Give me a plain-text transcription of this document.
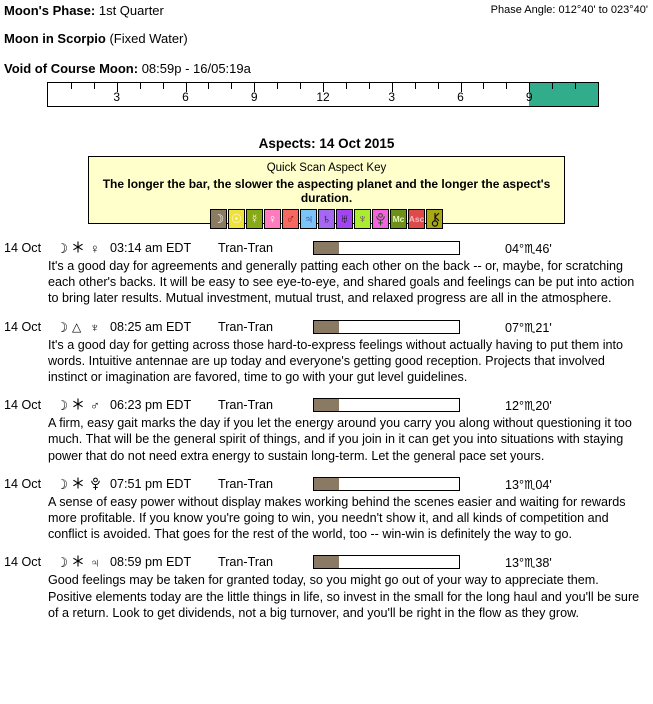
Moon's Phase: 1st Quarter	Phase Angle: 012°40' to 023°40'
Moon in Scorpio (Fixed Water)
Void of Course Moon: 08:59p - 16/05:19a
3	6	9	12	3	6	9
Aspects: 14 Oct 2015
Quick Scan Aspect Key
The longer the bar, the slower the aspecting planet and the longer the aspect's duration.
☽ ☉ ☿ ♀ ♂ ♃ ♄ ♅ ♆	Mc Asc
14 Oct ☽ ♀ 03:14 am EDT Tran-Tran	04°♏46'
It's a good day for agreements and generally patting each other on the back -- or, maybe, for scratching each other's backs. It will be easy to see eye-to-eye, and shared goals and feelings can be put into action to bring later results. Mutual investment, mutual trust, and relaxed progress are all in the atmosphere.
14 Oct ☽ △ ♆ 08:25 am EDT Tran-Tran	07°♏21'
It's a good day for getting across those hard-to-express feelings without actually having to put them into words. Intuitive antennae are up today and everyone's getting good reception. Projects that involved instinct or imagination are favored, time to go with your gut level guidelines.
14 Oct ☽ ♂ 06:23 pm EDT Tran-Tran	12°♏20'
A firm, easy gait marks the day if you let the energy around you carry you along without questioning it too much. That will be the general spirit of things, and if you join in it can get you into situations with staying power that do not need extra energy to sustain long-term. Let the general pace set yours.
14 Oct ☽	07:51 pm EDT Tran-Tran	13°♏04'
A sense of easy power without display makes working behind the scenes easier and waiting for rewards more profitable. If you know you're going to win, you needn't show it, and all kinds of competition and conflict is avoided. That goes for the rest of the world, too -- win-win is definitely the way to go.
14 Oct ☽ ♃ 08:59 pm EDT Tran-Tran	13°♏38'
Good feelings may be taken for granted today, so you might go out of your way to appreciate them. Positive elements today are the little things in life, so invest in the small for the long haul and you'll be sure of a return. Look to get dividends, not a big turnover, and you'll be right in the flow as they grow.
